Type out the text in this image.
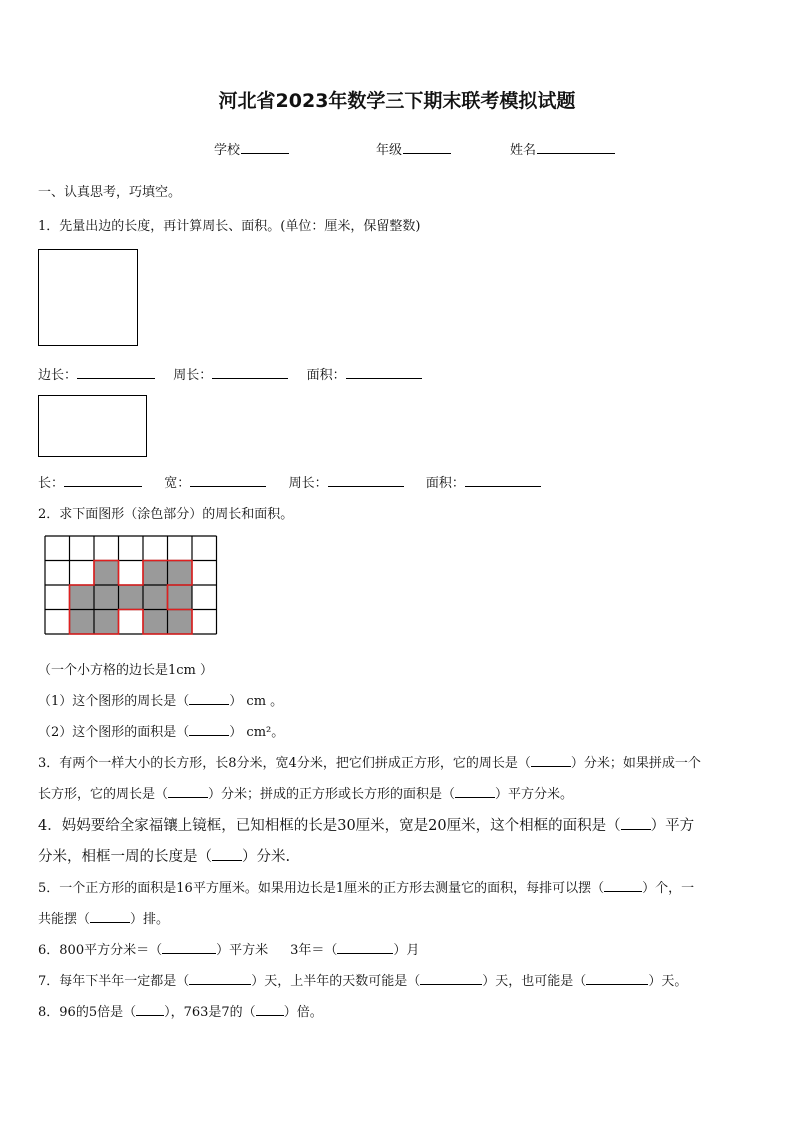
河北省2023年数学三下期末联考模拟试题
学校	年级	姓名
一、认真思考，巧填空。
1．先量出边的长度，再计算周长、面积。(单位：厘米，保留整数)
边长：	周长：	面积：
长：	宽：	周长：	面积：
2．求下面图形（涂色部分）的周长和面积。
（一个小方格的边长是1cm ）
（1）这个图形的周长是（	） cm 。
（2）这个图形的面积是（	） cm²。
3．有两个一样大小的长方形，长8分米，宽4分米，把它们拼成正方形，它的周长是（	）分米；如果拼成一个
长方形，它的周长是（	）分米；拼成的正方形或长方形的面积是（	）平方分米。
4．妈妈要给全家福镶上镜框，已知相框的长是30厘米，宽是20厘米，这个相框的面积是（ ）平方
分米，相框一周的长度是（ ）分米.
5．一个正方形的面积是16平方厘米。如果用边长是1厘米的正方形去测量它的面积，每排可以摆（	）个，一
共能摆（	）排。
6．800平方分米＝（	）平方米 3年＝（	）月
7．每年下半年一定都是（	）天，上半年的天数可能是（	）天，也可能是（	）天。
8．96的5倍是（ ），763是7的（ ）倍。
